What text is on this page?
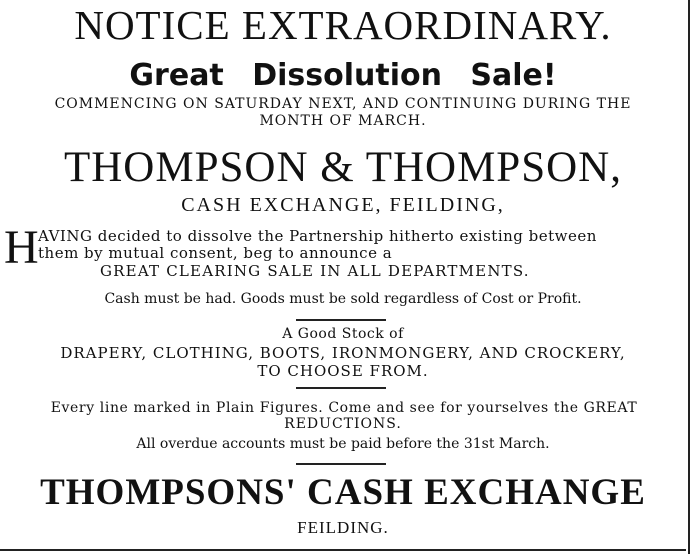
NOTICE EXTRAORDINARY.
Great Dissolution Sale!
COMMENCING ON SATURDAY NEXT, AND CONTINUING DURING THE
MONTH OF MARCH.
THOMPSON & THOMPSON,
CASH EXCHANGE, FEILDING,
H AVING decided to dissolve the Partnership hitherto existing between
them by mutual consent, beg to announce a
GREAT CLEARING SALE IN ALL DEPARTMENTS.
Cash must be had. Goods must be sold regardless of Cost or Profit.
A Good Stock of
DRAPERY, CLOTHING, BOOTS, IRONMONGERY, AND CROCKERY,
TO CHOOSE FROM.
Every line marked in Plain Figures. Come and see for yourselves the GREAT
REDUCTIONS.
All overdue accounts must be paid before the 31st March.
THOMPSONS' CASH EXCHANGE
FEILDING.
